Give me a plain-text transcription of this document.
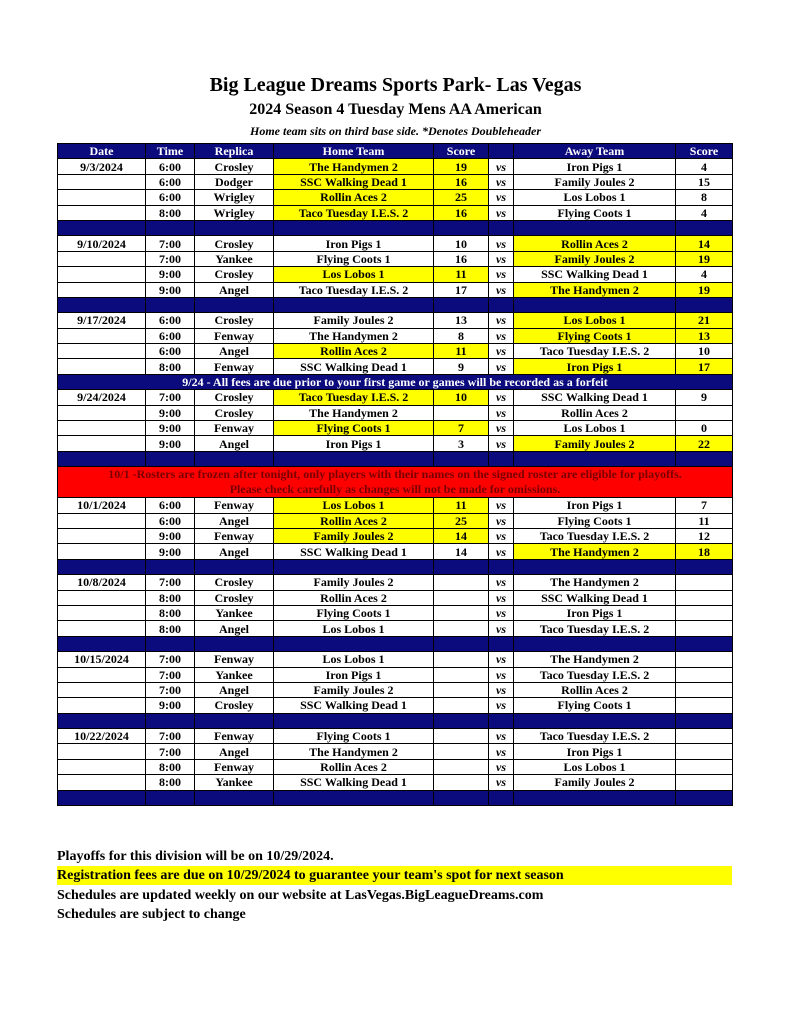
Big League Dreams Sports Park- Las Vegas
2024 Season 4 Tuesday Mens AA American
Home team sits on third base side. *Denotes Doubleheader
Date	Time	Replica	Home Team	Score		Away Team	Score
9/3/2024	6:00	Crosley	The Handymen 2	19	vs	Iron Pigs 1	4
	6:00	Dodger	SSC Walking Dead 1	16	vs	Family Joules 2	15
	6:00	Wrigley	Rollin Aces 2	25	vs	Los Lobos 1	8
	8:00	Wrigley	Taco Tuesday I.E.S. 2	16	vs	Flying Coots 1	4

9/10/2024	7:00	Crosley	Iron Pigs 1	10	vs	Rollin Aces 2	14
	7:00	Yankee	Flying Coots 1	16	vs	Family Joules 2	19
	9:00	Crosley	Los Lobos 1	11	vs	SSC Walking Dead 1	4
	9:00	Angel	Taco Tuesday I.E.S. 2	17	vs	The Handymen 2	19

9/17/2024	6:00	Crosley	Family Joules 2	13	vs	Los Lobos 1	21
	6:00	Fenway	The Handymen 2	8	vs	Flying Coots 1	13
	6:00	Angel	Rollin Aces 2	11	vs	Taco Tuesday I.E.S. 2	10
	8:00	Fenway	SSC Walking Dead 1	9	vs	Iron Pigs 1	17
9/24 - All fees are due prior to your first game or games will be recorded as a forfeit							
9/24/2024	7:00	Crosley	Taco Tuesday I.E.S. 2	10	vs	SSC Walking Dead 1	9
	9:00	Crosley	The Handymen 2		vs	Rollin Aces 2	
	9:00	Fenway	Flying Coots 1	7	vs	Los Lobos 1	0
	9:00	Angel	Iron Pigs 1	3	vs	Family Joules 2	22

10/1 -Rosters are frozen after tonight, only players with their names on the signed roster are eligible for playoffs.
Please check carefully as changes will not be made for omissions.							

10/1/2024	6:00	Fenway	Los Lobos 1	11	vs	Iron Pigs 1	7
	6:00	Angel	Rollin Aces 2	25	vs	Flying Coots 1	11
	9:00	Fenway	Family Joules 2	14	vs	Taco Tuesday I.E.S. 2	12
	9:00	Angel	SSC Walking Dead 1	14	vs	The Handymen 2	18

10/8/2024	7:00	Crosley	Family Joules 2		vs	The Handymen 2	
	8:00	Crosley	Rollin Aces 2		vs	SSC Walking Dead 1	
	8:00	Yankee	Flying Coots 1		vs	Iron Pigs 1	
	8:00	Angel	Los Lobos 1		vs	Taco Tuesday I.E.S. 2	

10/15/2024	7:00	Fenway	Los Lobos 1		vs	The Handymen 2	
	7:00	Yankee	Iron Pigs 1		vs	Taco Tuesday I.E.S. 2	
	7:00	Angel	Family Joules 2		vs	Rollin Aces 2	
	9:00	Crosley	SSC Walking Dead 1		vs	Flying Coots 1	

10/22/2024	7:00	Fenway	Flying Coots 1		vs	Taco Tuesday I.E.S. 2	
	7:00	Angel	The Handymen 2		vs	Iron Pigs 1	
	8:00	Fenway	Rollin Aces 2		vs	Los Lobos 1	
	8:00	Yankee	SSC Walking Dead 1		vs	Family Joules 2	

Playoffs for this division will be on 10/29/2024.
Registration fees are due on 10/29/2024 to guarantee your team's spot for next season
Schedules are updated weekly on our website at LasVegas.BigLeagueDreams.com
Schedules are subject to change
